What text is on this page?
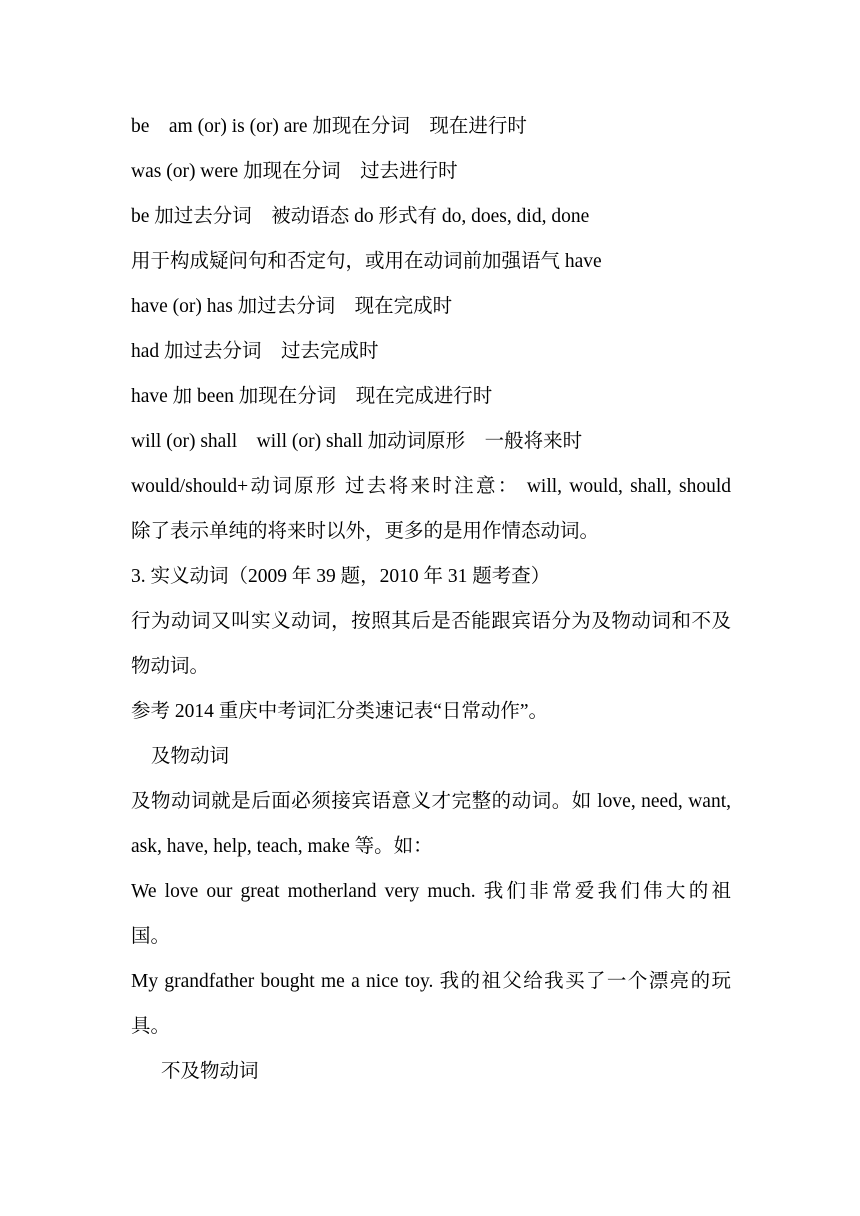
be    am (or) is (or) are 加现在分词    现在进行时
was (or) were 加现在分词    过去进行时
be 加过去分词    被动语态 do 形式有 do, does, did, done
用于构成疑问句和否定句，或用在动词前加强语气 have
have (or) has 加过去分词    现在完成时
had 加过去分词    过去完成时
have 加 been 加现在分词    现在完成进行时
will (or) shall    will (or) shall 加动词原形    一般将来时
would/should+动词原形 过去将来时注意： will, would, shall, should
除了表示单纯的将来时以外，更多的是用作情态动词。
3. 实义动词（2009 年 39 题，2010 年 31 题考查）
行为动词又叫实义动词，按照其后是否能跟宾语分为及物动词和不及
物动词。
参考 2014 重庆中考词汇分类速记表“日常动作”。
及物动词
及物动词就是后面必须接宾语意义才完整的动词。如 love, need, want,
ask, have, help, teach, make 等。如：
We love our great motherland very much. 我们非常爱我们伟大的祖
国。
My grandfather bought me a nice toy. 我的祖父给我买了一个漂亮的玩
具。
不及物动词
